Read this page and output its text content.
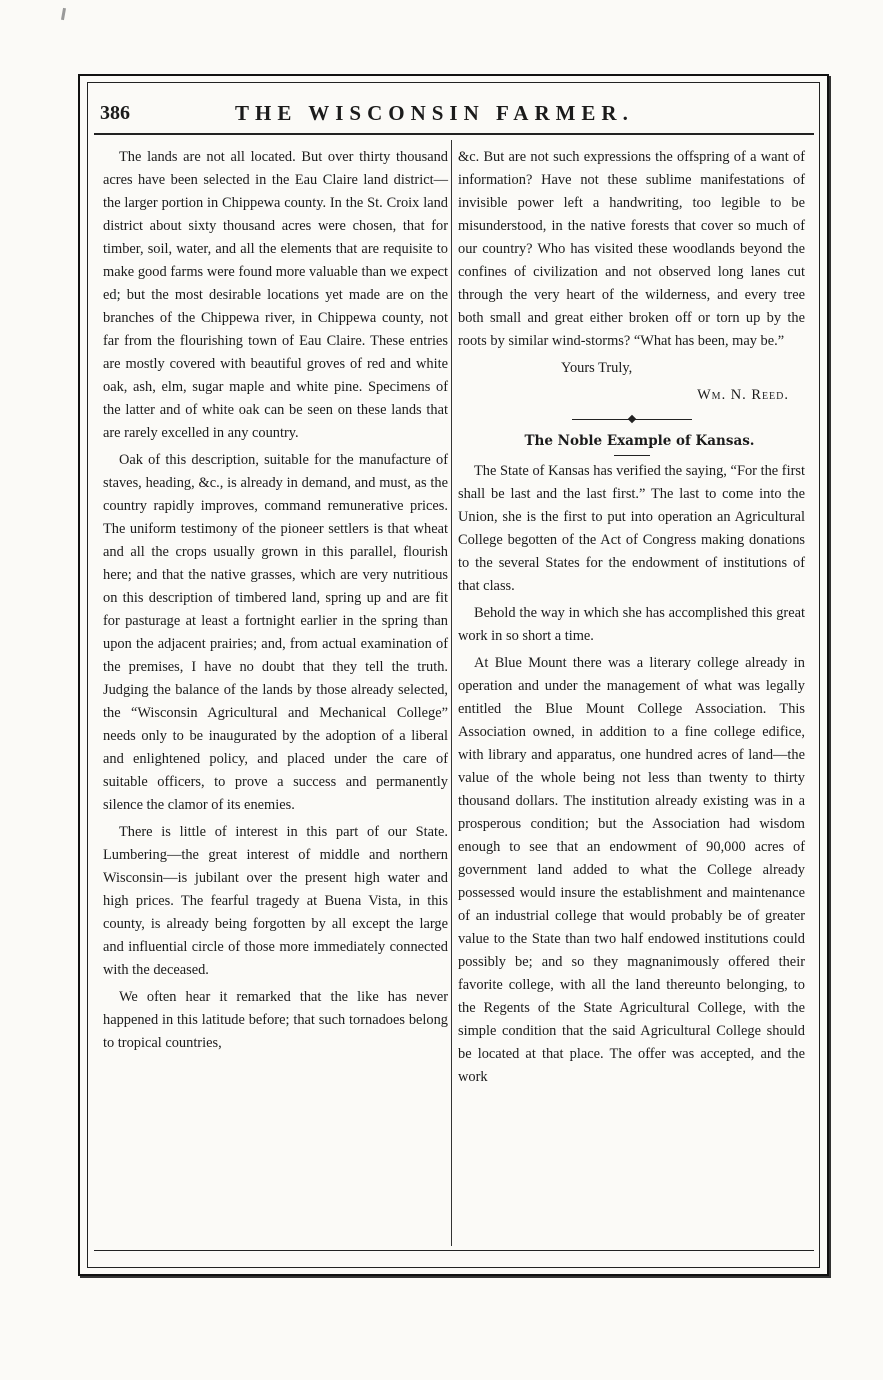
386	THE WISCONSIN FARMER.

The lands are not all located. But over thirty thousand acres have been selected in the Eau Claire land district—the larger portion in Chippewa county. In the St. Croix land district about sixty thousand acres were chosen, that for timber, soil, water, and all the elements that are requisite to make good farms were found more valuable than we expect ed; but the most desirable locations yet made are on the branches of the Chippewa river, in Chippewa county, not far from the flourishing town of Eau Claire. These entries are mostly covered with beautiful groves of red and white oak, ash, elm, sugar maple and white pine. Specimens of the latter and of white oak can be seen on these lands that are rarely excelled in any country.

Oak of this description, suitable for the manufacture of staves, heading, &c., is already in demand, and must, as the country rapidly improves, command remunerative prices. The uniform testimony of the pioneer settlers is that wheat and all the crops usually grown in this parallel, flourish here; and that the native grasses, which are very nutritious on this description of timbered land, spring up and are fit for pasturage at least a fortnight earlier in the spring than upon the adjacent prairies; and, from actual examination of the premises, I have no doubt that they tell the truth. Judging the balance of the lands by those already selected, the “Wisconsin Agricultural and Mechanical College” needs only to be inaugurated by the adoption of a liberal and enlightened policy, and placed under the care of suitable officers, to prove a success and permanently silence the clamor of its enemies.

There is little of interest in this part of our State. Lumbering—the great interest of middle and northern Wisconsin—is jubilant over the present high water and high prices. The fearful tragedy at Buena Vista, in this county, is already being forgotten by all except the large and influential circle of those more immediately connected with the deceased.

We often hear it remarked that the like has never happened in this latitude before; that such tornadoes belong to tropical countries,

&c. But are not such expressions the offspring of a want of information? Have not these sublime manifestations of invisible power left a handwriting, too legible to be misunderstood, in the native forests that cover so much of our country? Who has visited these woodlands beyond the confines of civilization and not observed long lanes cut through the very heart of the wilderness, and every tree both small and great either broken off or torn up by the roots by similar wind-storms? “What has been, may be.”

Yours Truly,

Wm. N. Reed.

The Noble Example of Kansas.

The State of Kansas has verified the saying, “For the first shall be last and the last first.” The last to come into the Union, she is the first to put into operation an Agricultural College begotten of the Act of Congress making donations to the several States for the endowment of institutions of that class.

Behold the way in which she has accomplished this great work in so short a time.

At Blue Mount there was a literary college already in operation and under the management of what was legally entitled the Blue Mount College Association. This Association owned, in addition to a fine college edifice, with library and apparatus, one hundred acres of land—the value of the whole being not less than twenty to thirty thousand dollars. The institution already existing was in a prosperous condition; but the Association had wisdom enough to see that an endowment of 90,000 acres of government land added to what the College already possessed would insure the establishment and maintenance of an industrial college that would probably be of greater value to the State than two half endowed institutions could possibly be; and so they magnanimously offered their favorite college, with all the land thereunto belonging, to the Regents of the State Agricultural College, with the simple condition that the said Agricultural College should be located at that place. The offer was accepted, and the work
